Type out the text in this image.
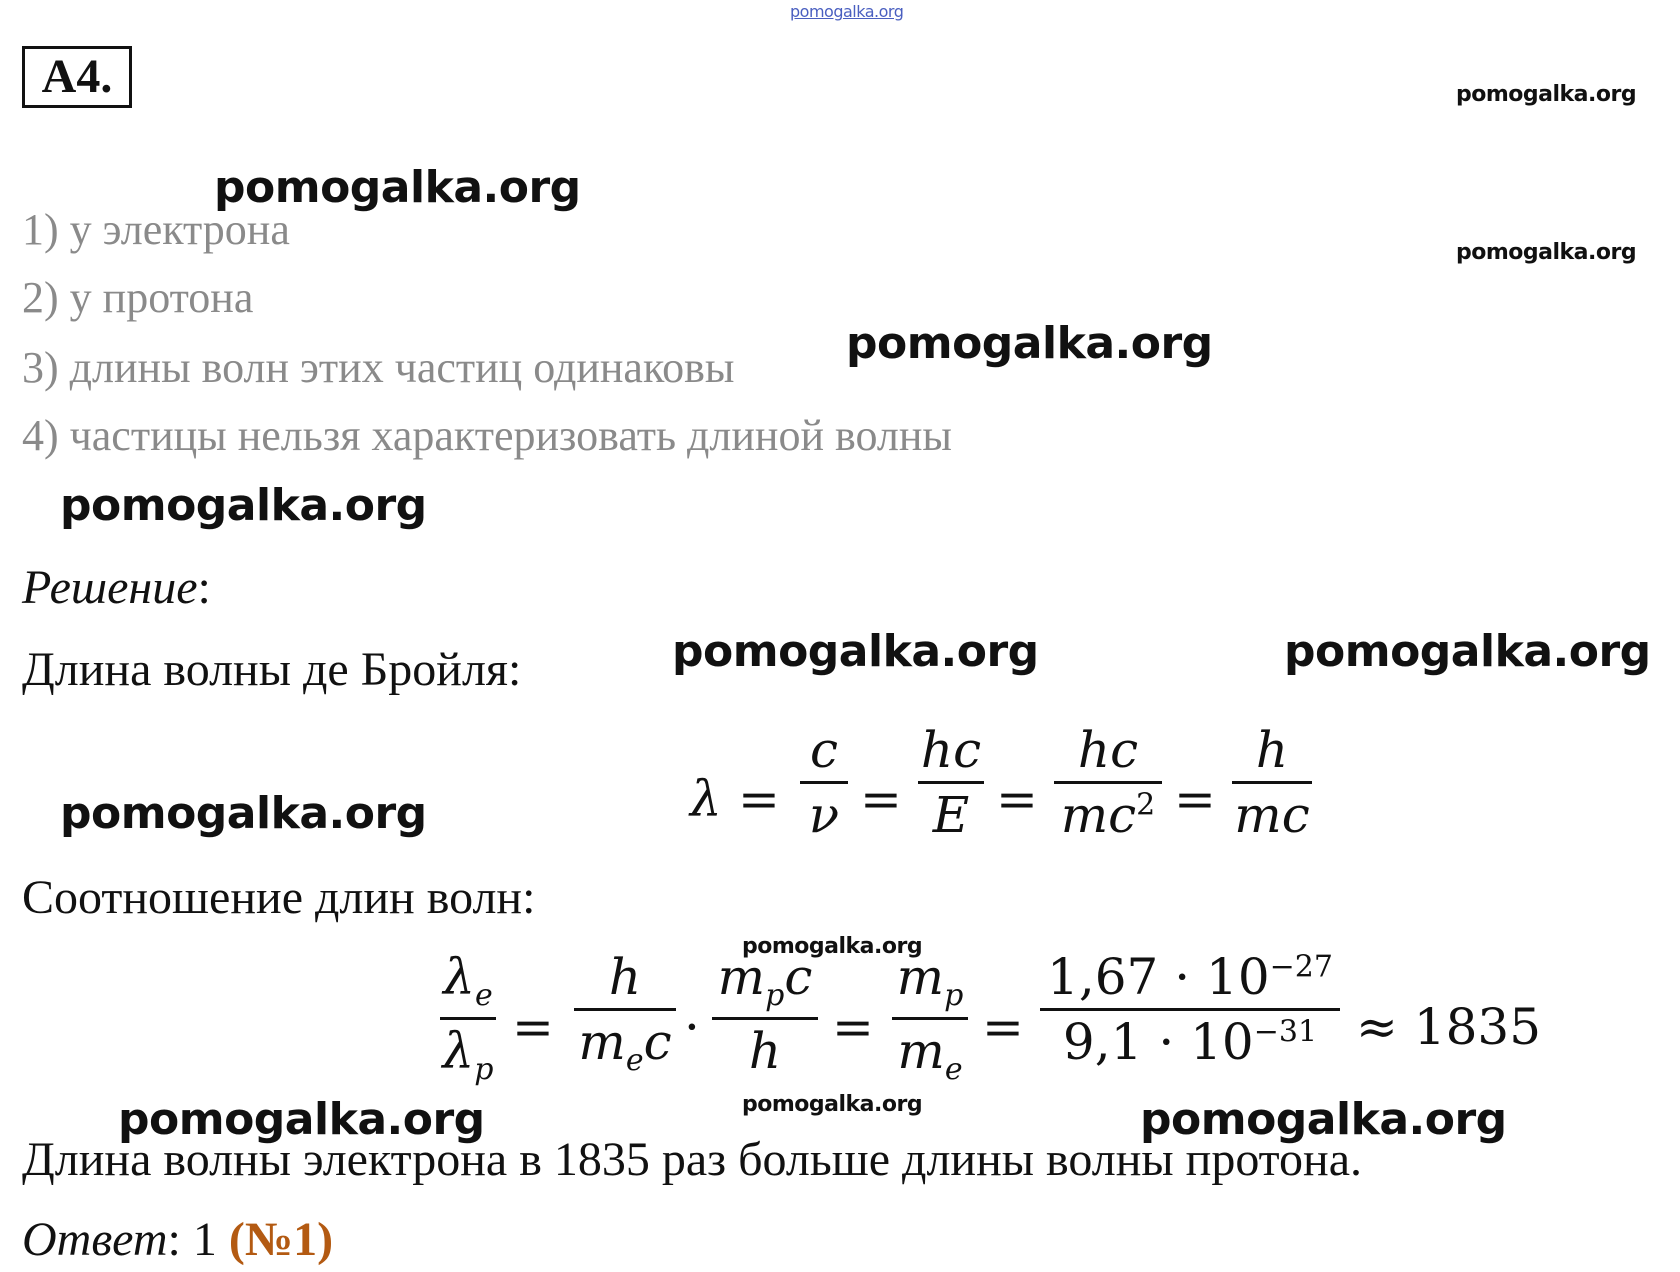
pomogalka.org
A4.
1) у электрона
2) у протона
3) длины волн этих частиц одинаковы
4) частицы нельзя характеризовать длиной волны
Решение:
Длина волны де Бройля:
λ =
c
ν =
hc
E =
hc
$mc^2$ =
h
mc
Соотношение длин волн:
$\lambda_e$
$\lambda_p$
=
h
$m_ec$ ·
$m_pc$
h	=
$m_p$
$m_e$
=
$1,67 \cdot 10^{-27}$
$9,1 \cdot 10^{-31} \approx 1835$
Длина волны электрона в 1835 раз больше длины волны протона.
Ответ: 1 (№1)
pomogalka.org
pomogalka.org
pomogalka.org
pomogalka.org
pomogalka.org
pomogalka.org	pomogalka.org
pomogalka.org
pomogalka.org
pomogalka.org
pomogalka.org	pomogalka.org
